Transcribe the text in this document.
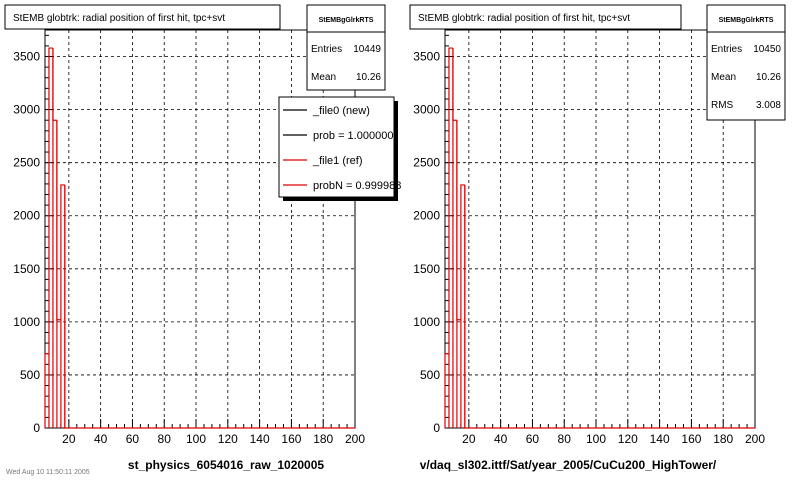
20 40 60 80 100 120 140 160 180 200
0
500
1000
1500
2000
2500
3000
3500
StEMB globtrk: radial position of first hit, tpc+svt
st_physics_6054016_raw_1020005
StEMBgGlrkRTS
Entries 10449
Mean 10.26
_file0 (new)
prob = 1.000000
_file1 (ref)
probN = 0.999988
Wed Aug 10 11:50:11 2005
20 40 60 80 100 120 140 160 180 200
0
500
1000
1500
2000
2500
3000
3500
StEMB globtrk: radial position of first hit, tpc+svt
v/daq_sl302.ittf/Sat/year_2005/CuCu200_HighTower/
StEMBgGlrkRTS
Entries 10450
Mean 10.26
RMS 3.008
